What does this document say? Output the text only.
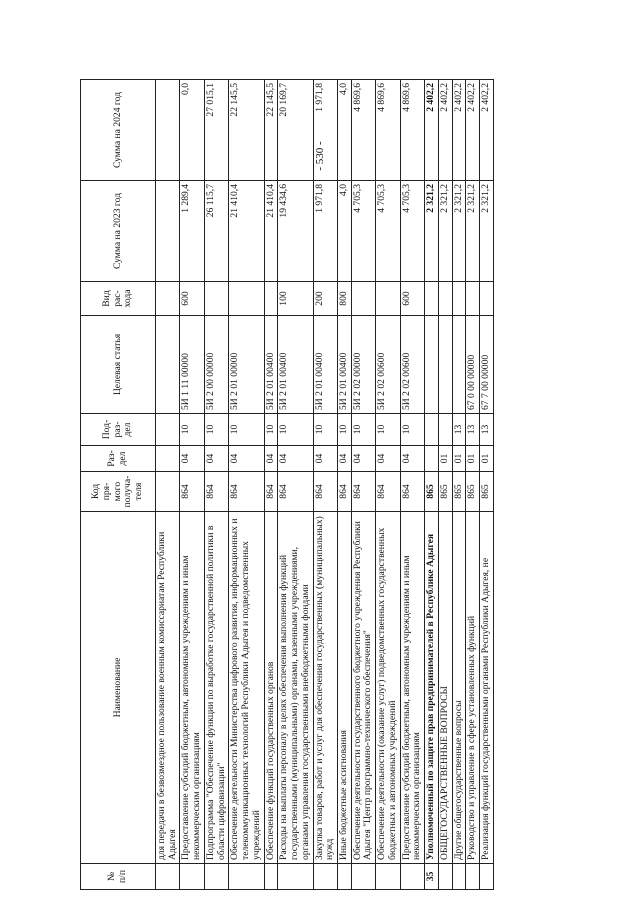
- 530 -
№ п/п	Наименование	Код пря-мого получа-теля	Раз-дел	Под-раз-дел	Целевая статья	Вид рас-хода	Сумма на 2023 год	Сумма на 2024 год
	для передачи в безвозмездное пользование военным комиссариатам Республики Адыгея							
	Предоставление субсидий бюджетным, автономным учреждениям и иным некоммерческим организациям	864	04	10	5И 1 11 00000	600	1 289,4	0,0
	Подпрограмма "Обеспечение функции по выработке государственной политики в области цифровизации"	864	04	10	5И 2 00 00000		26 115,7	27 015,1
	Обеспечение деятельности Министерства цифрового развития, информационных и телекоммуникационных технологий Республики Адыгея и подведомственных учреждений	864	04	10	5И 2 01 00000		21 410,4	22 145,5
	Обеспечение функций государственных органов	864	04	10	5И 2 01 00400		21 410,4	22 145,5
	Расходы на выплаты персоналу в целях обеспечения выполнения функций государственными (муниципальными) органами, казенными учреждениями, органами управления государственными внебюджетными фондами	864	04	10	5И 2 01 00400	100	19 434,6	20 169,7
	Закупка товаров, работ и услуг для обеспечения государственных (муниципальных) нужд	864	04	10	5И 2 01 00400	200	1 971,8	1 971,8
	Иные бюджетные ассигнования	864	04	10	5И 2 01 00400	800	4,0	4,0
	Обеспечение деятельности государственного бюджетного учреждения Республики Адыгея "Центр программно-технического обеспечения"	864	04	10	5И 2 02 00000		4 705,3	4 869,6
	Обеспечение деятельности (оказание услуг) подведомственных государственных бюджетных и автономных учреждений	864	04	10	5И 2 02 00600		4 705,3	4 869,6
	Предоставление субсидий бюджетным, автономным учреждениям и иным некоммерческим организациям	864	04	10	5И 2 02 00600	600	4 705,3	4 869,6
35	Уполномоченный по защите прав предпринимателей в Республике Адыгея	865					2 321,2	2 402,2
	ОБЩЕГОСУДАРСТВЕННЫЕ ВОПРОСЫ	865	01				2 321,2	2 402,2
	Другие общегосударственные вопросы	865	01	13			2 321,2	2 402,2
	Руководство и управление в сфере установленных функций	865	01	13	67 0 00 00000		2 321,2	2 402,2
	Реализация функций государственными органами Республики Адыгея, не	865	01	13	67 7 00 00000		2 321,2	2 402,2
